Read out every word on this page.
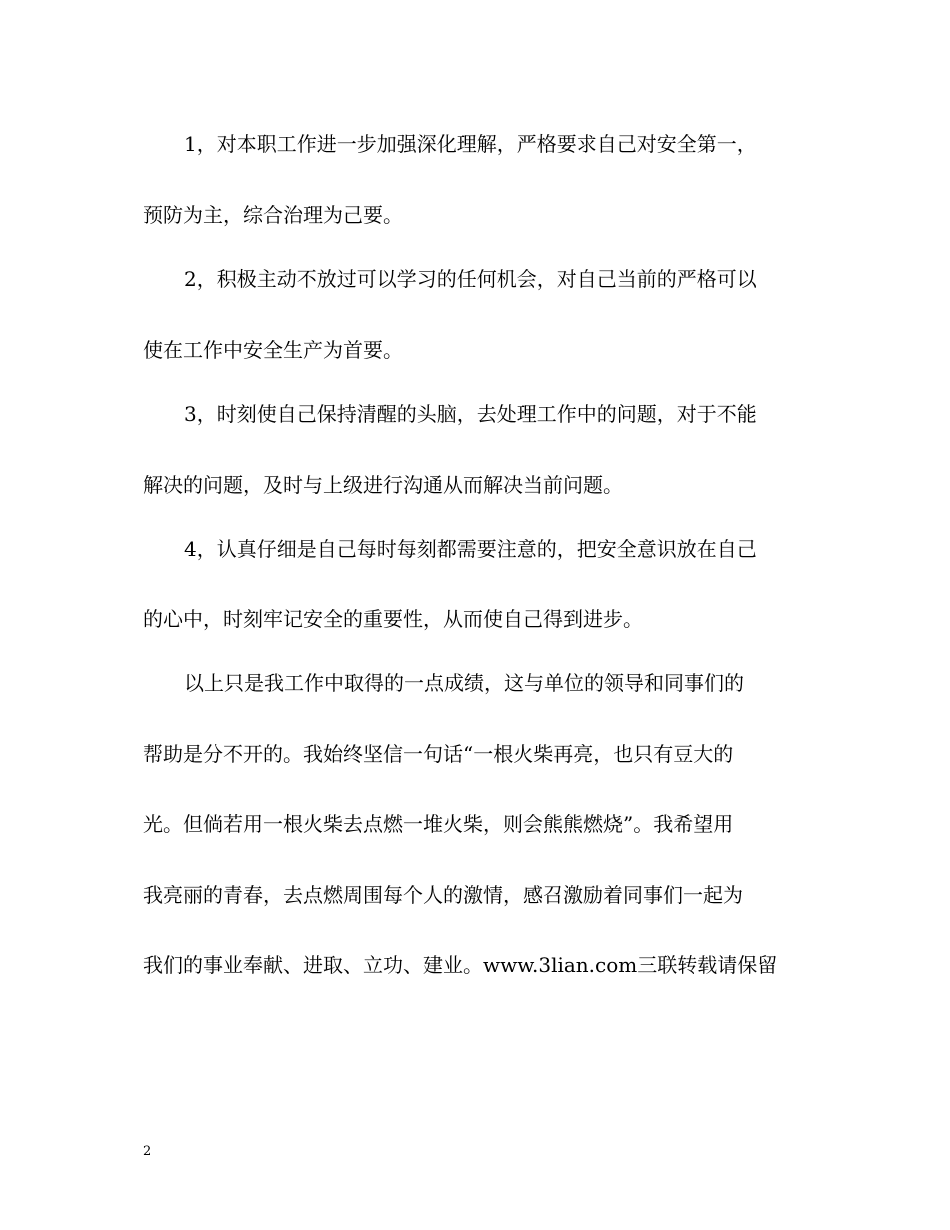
1，对本职工作进一步加强深化理解，严格要求自己对安全第一，
预防为主，综合治理为己要。
2，积极主动不放过可以学习的任何机会，对自己当前的严格可以
使在工作中安全生产为首要。
3，时刻使自己保持清醒的头脑，去处理工作中的问题，对于不能
解决的问题，及时与上级进行沟通从而解决当前问题。
4，认真仔细是自己每时每刻都需要注意的，把安全意识放在自己
的心中，时刻牢记安全的重要性，从而使自己得到进步。
以上只是我工作中取得的一点成绩，这与单位的领导和同事们的
帮助是分不开的。我始终坚信一句话“一根火柴再亮，也只有豆大的
光。但倘若用一根火柴去点燃一堆火柴，则会熊熊燃烧”。我希望用
我亮丽的青春，去点燃周围每个人的激情，感召激励着同事们一起为
我们的事业奉献、进取、立功、建业。www.3lian.com三联转载请保留
2
